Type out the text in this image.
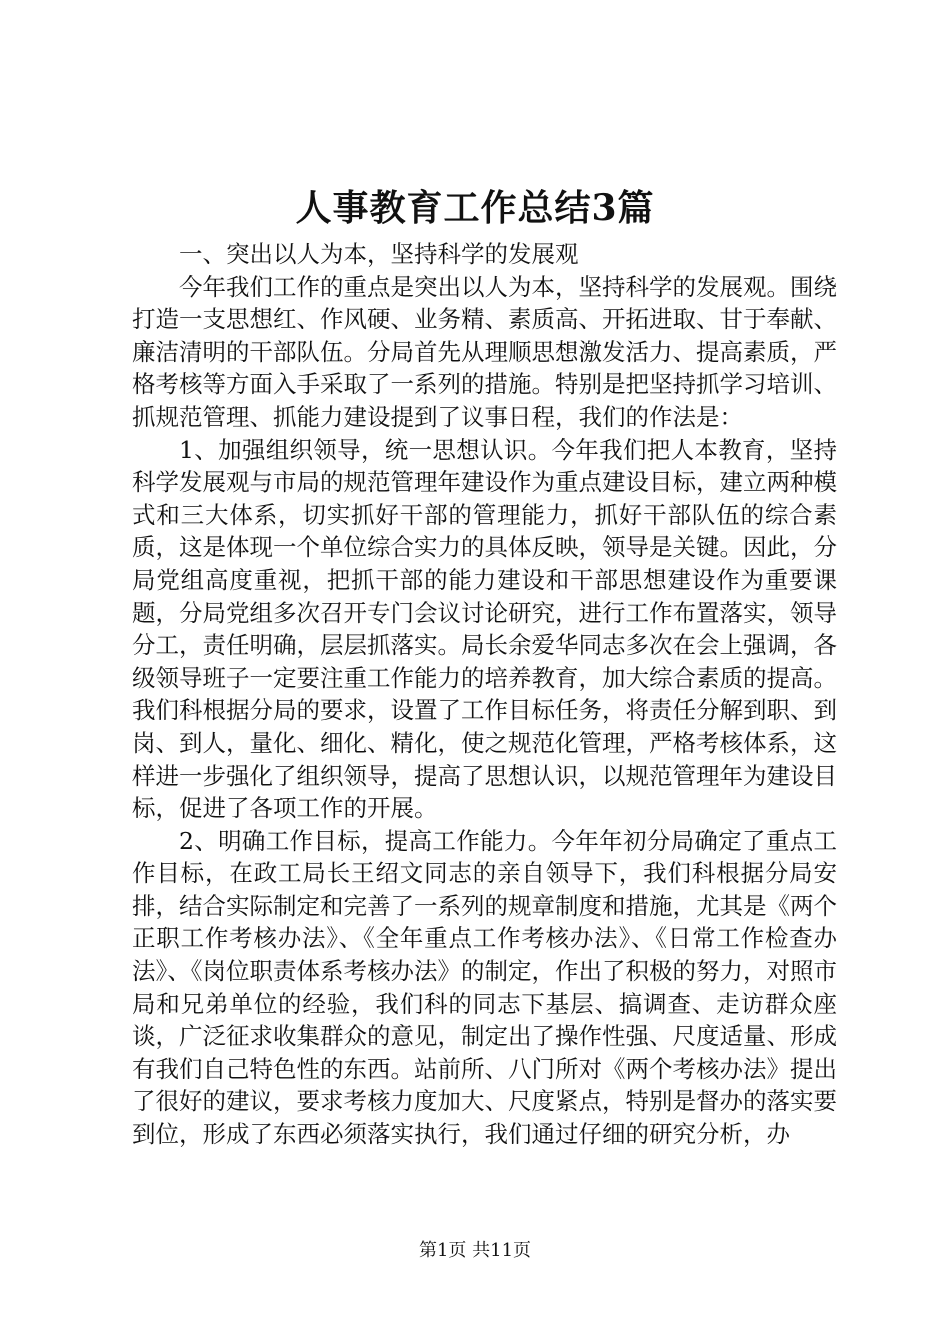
人事教育工作总结3篇

一、突出以人为本，坚持科学的发展观

今年我们工作的重点是突出以人为本，坚持科学的发展观。围绕打造一支思想红、作风硬、业务精、素质高、开拓进取、甘于奉献、廉洁清明的干部队伍。分局首先从理顺思想激发活力、提高素质，严格考核等方面入手采取了一系列的措施。特别是把坚持抓学习培训、抓规范管理、抓能力建设提到了议事日程，我们的作法是：

1、加强组织领导，统一思想认识。今年我们把人本教育，坚持科学发展观与市局的规范管理年建设作为重点建设目标，建立两种模式和三大体系，切实抓好干部的管理能力，抓好干部队伍的综合素质，这是体现一个单位综合实力的具体反映，领导是关键。因此，分局党组高度重视，把抓干部的能力建设和干部思想建设作为重要课题，分局党组多次召开专门会议讨论研究，进行工作布置落实，领导分工，责任明确，层层抓落实。局长余爱华同志多次在会上强调，各级领导班子一定要注重工作能力的培养教育，加大综合素质的提高。我们科根据分局的要求，设置了工作目标任务，将责任分解到职、到岗、到人，量化、细化、精化，使之规范化管理，严格考核体系，这样进一步强化了组织领导，提高了思想认识，以规范管理年为建设目标，促进了各项工作的开展。

2、明确工作目标，提高工作能力。今年年初分局确定了重点工作目标，在政工局长王绍文同志的亲自领导下，我们科根据分局安排，结合实际制定和完善了一系列的规章制度和措施，尤其是《两个正职工作考核办法》、《全年重点工作考核办法》、《日常工作检查办法》、《岗位职责体系考核办法》的制定，作出了积极的努力，对照市局和兄弟单位的经验，我们科的同志下基层、搞调查、走访群众座谈，广泛征求收集群众的意见，制定出了操作性强、尺度适量、形成有我们自己特色性的东西。站前所、八门所对《两个考核办法》提出了很好的建议，要求考核力度加大、尺度紧点，特别是督办的落实要到位，形成了东西必须落实执行，我们通过仔细的研究分析，办

第1页 共11页
